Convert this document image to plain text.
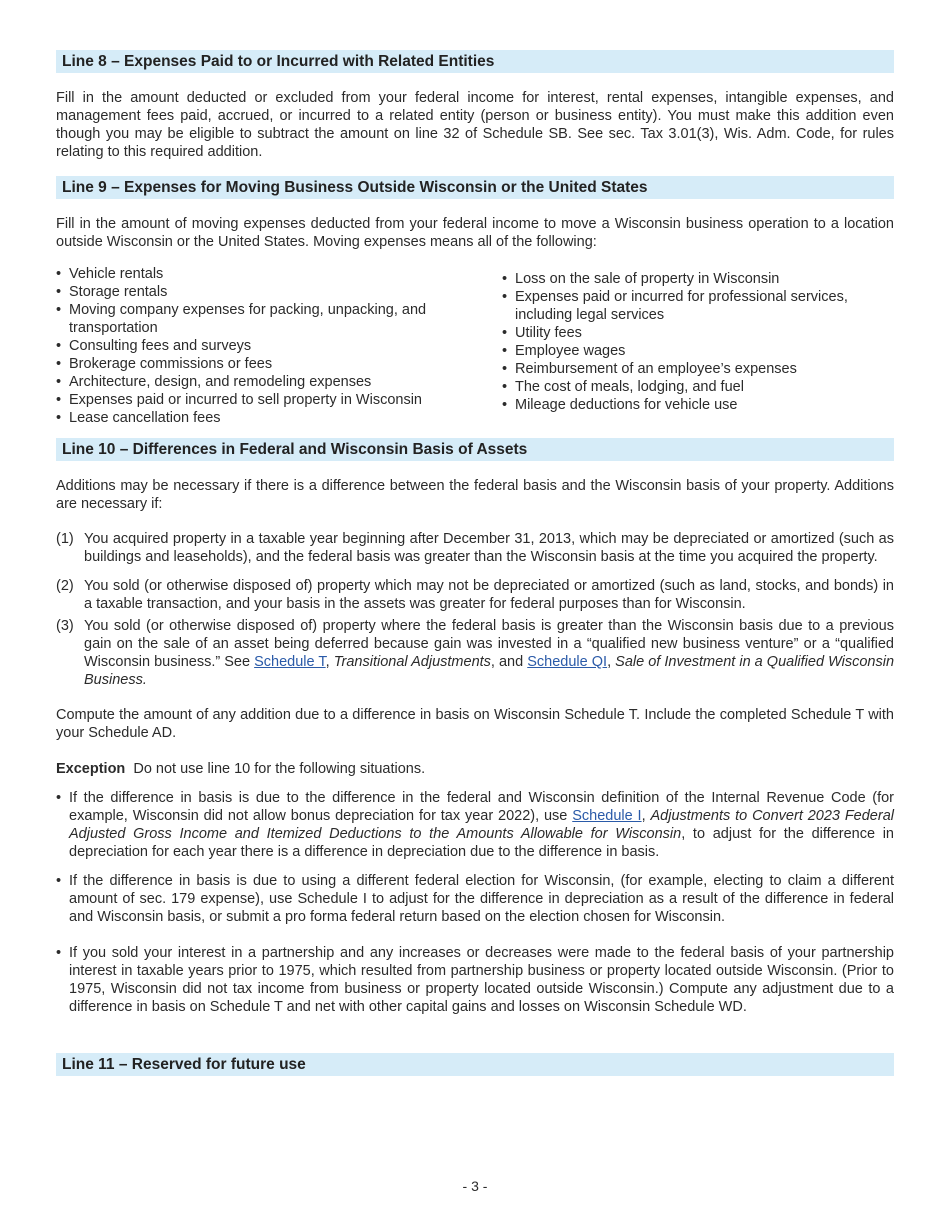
Line 8 – Expenses Paid to or Incurred with Related Entities

Fill in the amount deducted or excluded from your federal income for interest, rental expenses, intangible expenses, and management fees paid, accrued, or incurred to a related entity (person or business entity). You must make this addition even though you may be eligible to subtract the amount on line 32 of Schedule SB. See sec. Tax 3.01(3), Wis. Adm. Code, for rules relating to this required addition.

Line 9 – Expenses for Moving Business Outside Wisconsin or the United States

Fill in the amount of moving expenses deducted from your federal income to move a Wisconsin business operation to a location outside Wisconsin or the United States. Moving expenses means all of the following:

• Vehicle rentals
• Storage rentals
• Moving company expenses for packing, unpacking, and transportation
• Consulting fees and surveys
• Brokerage commissions or fees
• Architecture, design, and remodeling expenses
• Expenses paid or incurred to sell property in Wisconsin
• Lease cancellation fees
• Loss on the sale of property in Wisconsin
• Expenses paid or incurred for professional services, including legal services
• Utility fees
• Employee wages
• Reimbursement of an employee’s expenses
• The cost of meals, lodging, and fuel
• Mileage deductions for vehicle use
Line 10 – Differences in Federal and Wisconsin Basis of Assets

Additions may be necessary if there is a difference between the federal basis and the Wisconsin basis of your property. Additions are necessary if:

(1) You acquired property in a taxable year beginning after December 31, 2013, which may be depreciated or amortized (such as buildings and leaseholds), and the federal basis was greater than the Wisconsin basis at the time you acquired the property.
(2) You sold (or otherwise disposed of) property which may not be depreciated or amortized (such as land, stocks, and bonds) in a taxable transaction, and your basis in the assets was greater for federal purposes than for Wisconsin.
(3) You sold (or otherwise disposed of) property where the federal basis is greater than the Wisconsin basis due to a previous gain on the sale of an asset being deferred because gain was invested in a “qualified new business venture” or a “qualified Wisconsin business.” See Schedule T, Transitional Adjustments, and Schedule QI, Sale of Investment in a Qualified Wisconsin Business.

Compute the amount of any addition due to a difference in basis on Wisconsin Schedule T. Include the completed Schedule T with your Schedule AD.

Exception Do not use line 10 for the following situations.

• If the difference in basis is due to the difference in the federal and Wisconsin definition of the Internal Revenue Code (for example, Wisconsin did not allow bonus depreciation for tax year 2022), use Schedule I, Adjustments to Convert 2023 Federal Adjusted Gross Income and Itemized Deductions to the Amounts Allowable for Wisconsin, to adjust for the difference in depreciation for each year there is a difference in depreciation due to the difference in basis.
• If the difference in basis is due to using a different federal election for Wisconsin, (for example, electing to claim a different amount of sec. 179 expense), use Schedule I to adjust for the difference in depreciation as a result of the difference in federal and Wisconsin basis, or submit a pro forma federal return based on the election chosen for Wisconsin.
• If you sold your interest in a partnership and any increases or decreases were made to the federal basis of your partnership interest in taxable years prior to 1975, which resulted from partnership business or property located outside Wisconsin. (Prior to 1975, Wisconsin did not tax income from business or property located outside Wisconsin.) Compute any adjustment due to a difference in basis on Schedule T and net with other capital gains and losses on Wisconsin Schedule WD.
Line 11 – Reserved for future use
- 3 -
